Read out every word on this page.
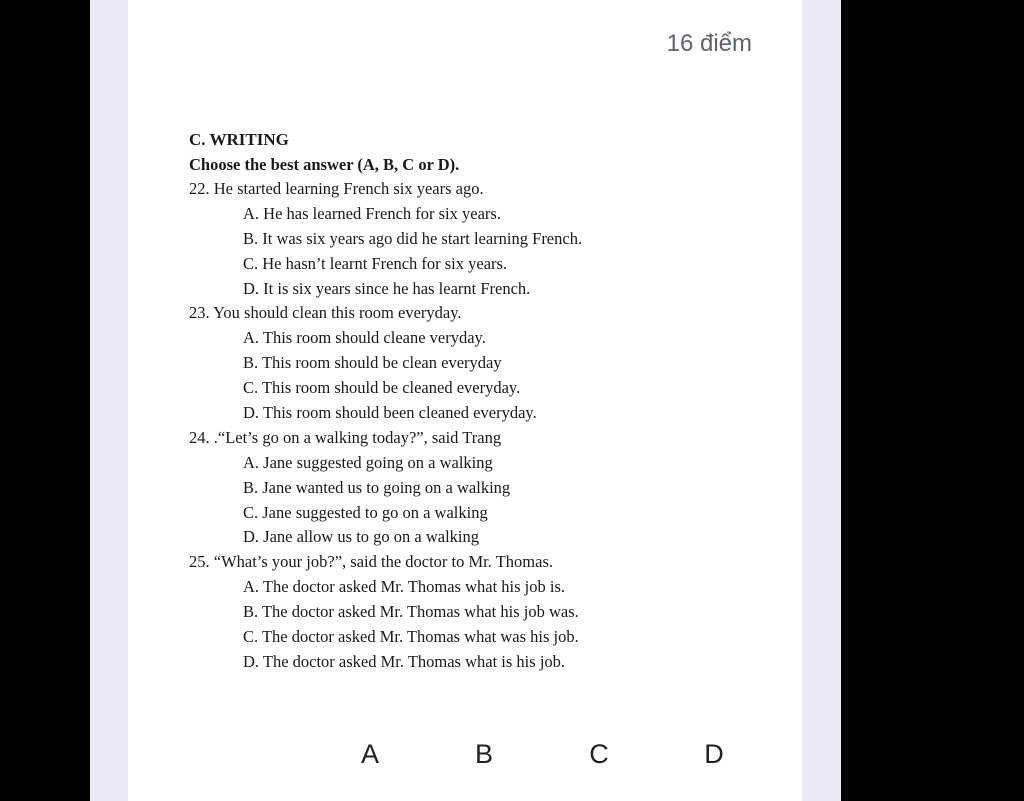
16 điểm
C. WRITING
Choose the best answer (A, B, C or D).
22. He started learning French six years ago.
A. He has learned French for six years.
B. It was six years ago did he start learning French.
C. He hasn’t learnt French for six years.
D. It is six years since he has learnt French.
23. You should clean this room everyday.
A. This room should cleane veryday.
B. This room should be clean everyday
C. This room should be cleaned everyday.
D. This room should been cleaned everyday.
24. .“Let’s go on a walking today?”, said Trang
A. Jane suggested going on a walking
B. Jane wanted us to going on a walking
C. Jane suggested to go on a walking
D. Jane allow us to go on a walking
25. “What’s your job?”, said the doctor to Mr. Thomas.
A. The doctor asked Mr. Thomas what his job is.
B. The doctor asked Mr. Thomas what his job was.
C. The doctor asked Mr. Thomas what was his job.
D. The doctor asked Mr. Thomas what is his job.
A	B	C	D
